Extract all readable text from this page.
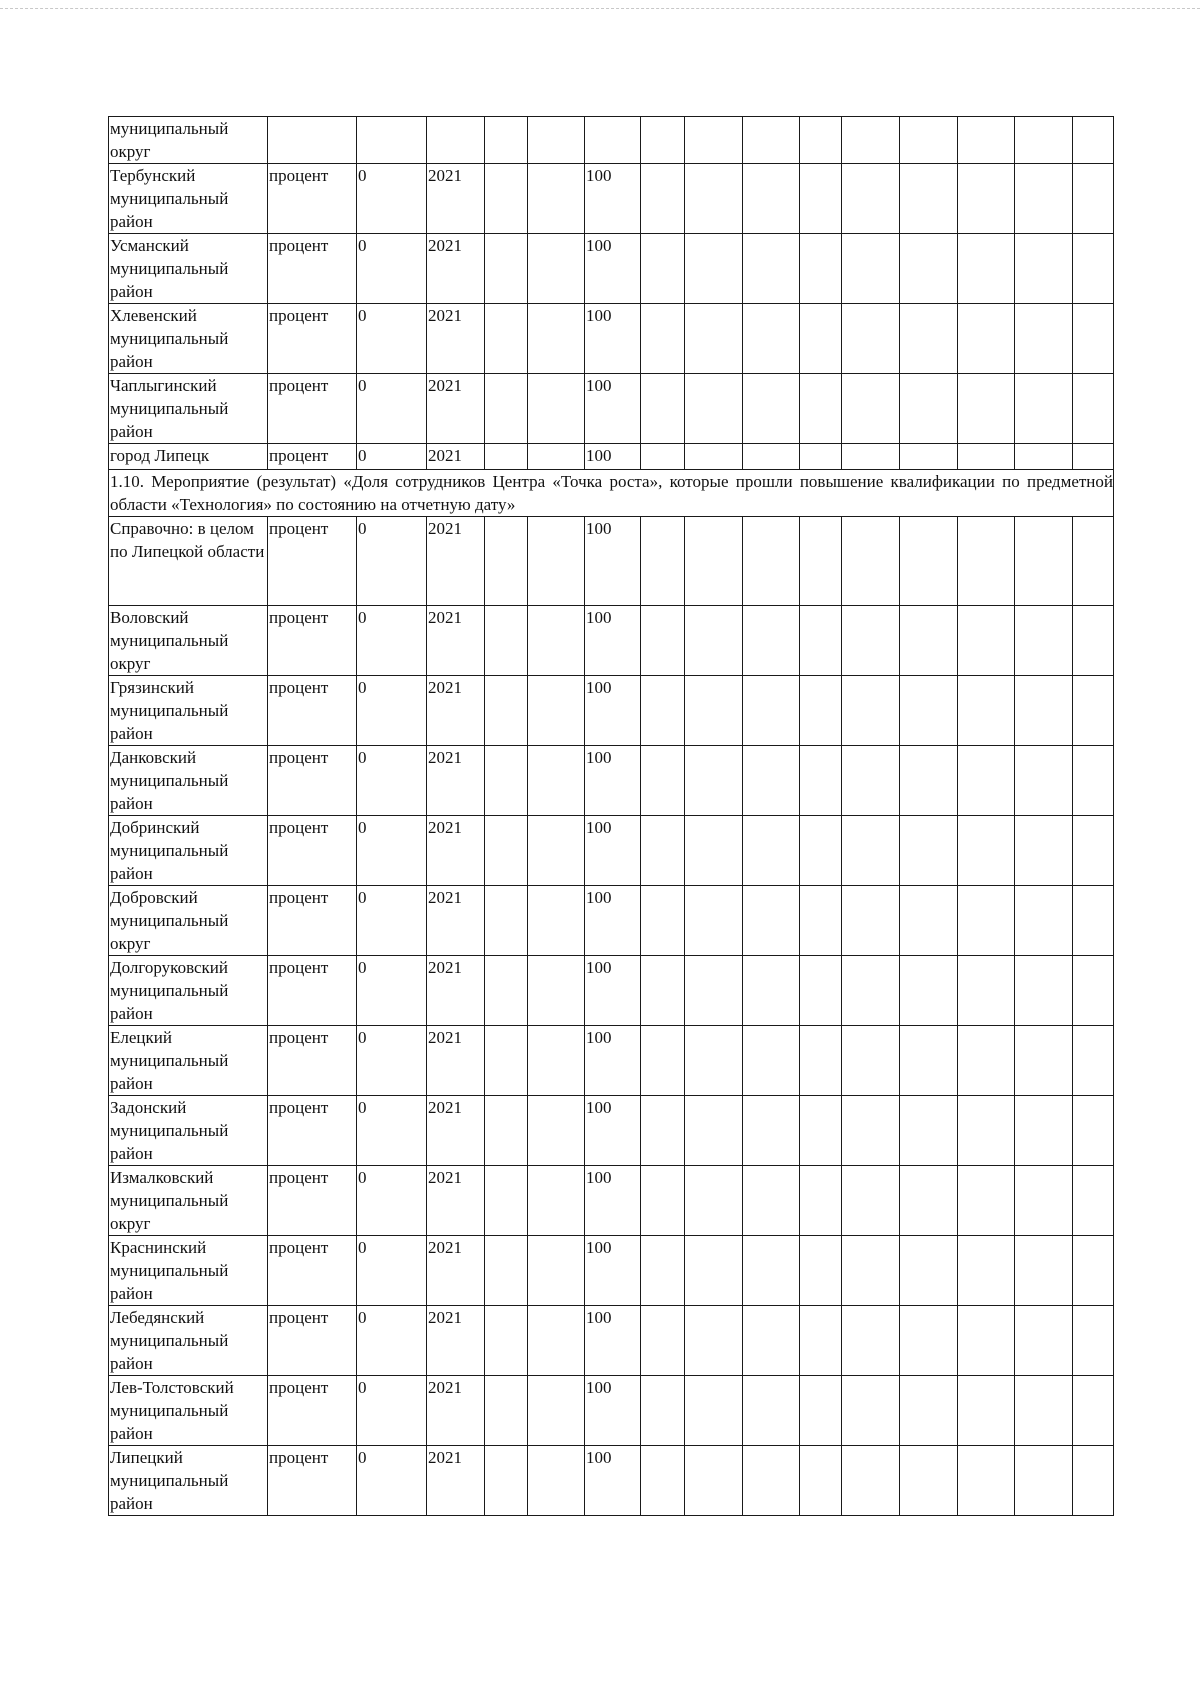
муниципальный округ															
Тербунский муниципальный район	процент	0	2021			100									
Усманский муниципальный район	процент	0	2021			100									
Хлевенский муниципальный район	процент	0	2021			100									
Чаплыгинский муниципальный район	процент	0	2021			100									
город Липецк	процент	0	2021			100									
1.10. Мероприятие (результат) «Доля сотрудников Центра «Точка роста», которые прошли повышение квалификации по предметной области «Технология» по состоянию на отчетную дату»															
Справочно: в целом по Липецкой области	процент	0	2021			100									
Воловский муниципальный округ	процент	0	2021			100									
Грязинский муниципальный район	процент	0	2021			100									
Данковский муниципальный район	процент	0	2021			100									
Добринский муниципальный район	процент	0	2021			100									
Добровский муниципальный округ	процент	0	2021			100									
Долгоруковский муниципальный район	процент	0	2021			100									
Елецкий муниципальный район	процент	0	2021			100									
Задонский муниципальный район	процент	0	2021			100									
Измалковский муниципальный округ	процент	0	2021			100									
Краснинский муниципальный район	процент	0	2021			100									
Лебедянский муниципальный район	процент	0	2021			100									
Лев-Толстовский муниципальный район	процент	0	2021			100									
Липецкий муниципальный район	процент	0	2021			100									
